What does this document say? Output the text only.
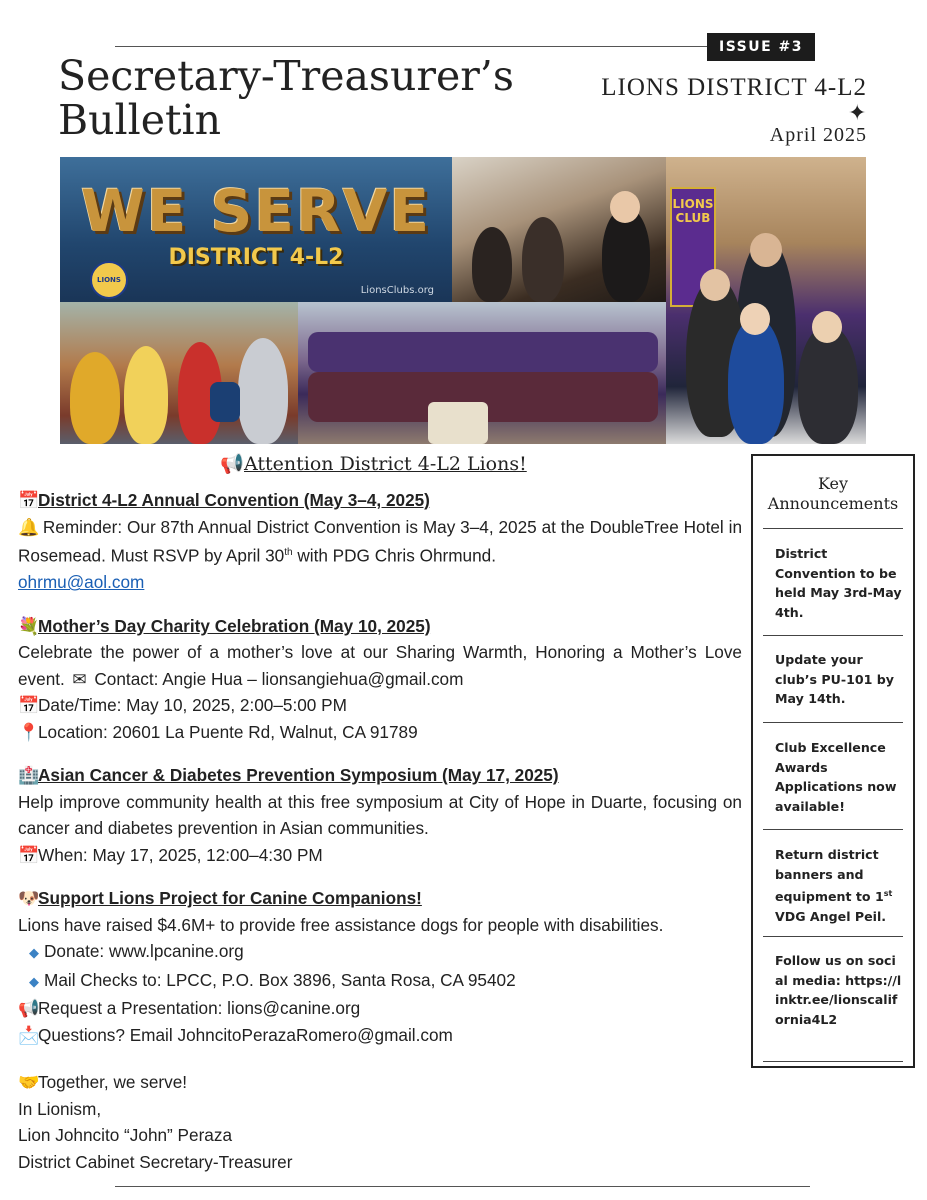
ISSUE #3
Secretary-Treasurer’s
Bulletin
LIONS DISTRICT 4-L2
✦
April 2025
WE SERVE
DISTRICT 4-L2
LIONS
LionsClubs.org
LIONS CLUB
📢Attention District 4-L2 Lions!

📅District 4-L2 Annual Convention (May 3–4, 2025)

🔔 Reminder: Our 87th Annual District Convention is May 3–4, 2025 at the DoubleTree Hotel in Rosemead. Must RSVP by April 30th with PDG Chris Ohrmund.

ohrmu@aol.com

💐Mother’s Day Charity Celebration (May 10, 2025)

Celebrate the power of a mother’s love at our Sharing Warmth, Honoring a Mother’s Love event. ✉ Contact: Angie Hua – lionsangiehua@gmail.com

📅Date/Time: May 10, 2025, 2:00–5:00 PM

📍Location: 20601 La Puente Rd, Walnut, CA 91789

🏥Asian Cancer & Diabetes Prevention Symposium (May 17, 2025)

Help improve community health at this free symposium at City of Hope in Duarte, focusing on cancer and diabetes prevention in Asian communities.

📅When: May 17, 2025, 12:00–4:30 PM

🐶Support Lions Project for Canine Companions!

Lions have raised $4.6M+ to provide free assistance dogs for people with disabilities.

◆ Donate: www.lpcanine.org

◆ Mail Checks to: LPCC, P.O. Box 3896, Santa Rosa, CA 95402

📢Request a Presentation: lions@canine.org

📩Questions? Email JohncitoPerazaRomero@gmail.com

🤝Together, we serve!

In Lionism,

Lion Johncito “John” Peraza

District Cabinet Secretary-Treasurer

Key
Announcements
District Convention to be held May 3rd-May 4th.
Update your club’s PU-101 by May 14th.
Club Excellence Awards Applications now available!
Return district banners and equipment to 1st VDG Angel Peil.
Follow us on social media: https://linktr.ee/lionscalifornia4L2
